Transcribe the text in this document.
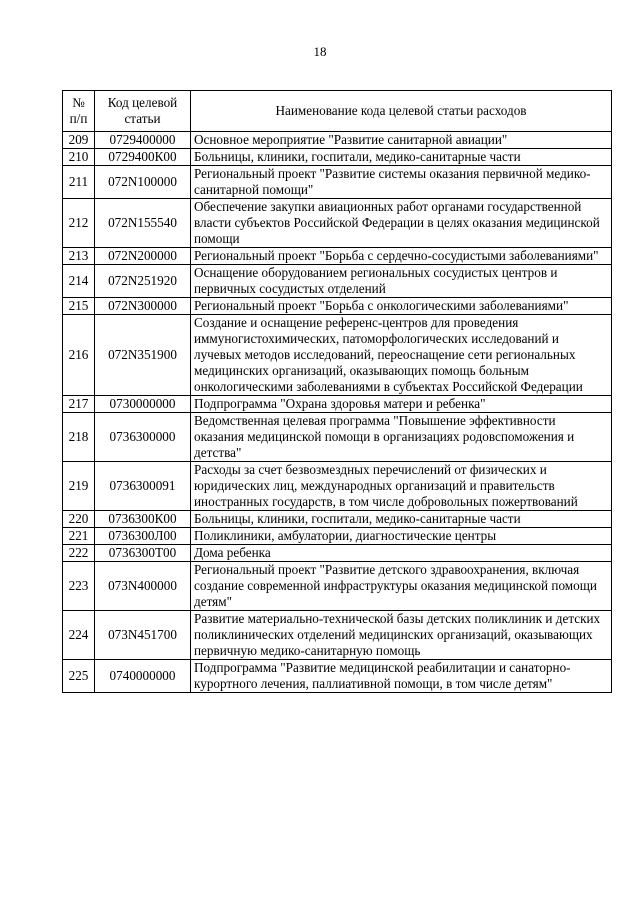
18
№ п/п	Код целевой статьи	Наименование кода целевой статьи расходов
209	0729400000	Основное мероприятие "Развитие санитарной авиации"
210	0729400К00	Больницы, клиники, госпитали, медико-санитарные части
211	072N100000	Региональный проект "Развитие системы оказания первичной медико-санитарной помощи"
212	072N155540	Обеспечение закупки авиационных работ органами государственной власти субъектов Российской Федерации в целях оказания медицинской помощи
213	072N200000	Региональный проект "Борьба с сердечно-сосудистыми заболеваниями"
214	072N251920	Оснащение оборудованием региональных сосудистых центров и первичных сосудистых отделений
215	072N300000	Региональный проект "Борьба с онкологическими заболеваниями"
216	072N351900	Создание и оснащение референс-центров для проведения иммуногистохимических, патоморфологических исследований и лучевых методов исследований, переоснащение сети региональных медицинских организаций, оказывающих помощь больным онкологическими заболеваниями в субъектах Российской Федерации
217	0730000000	Подпрограмма "Охрана здоровья матери и ребенка"
218	0736300000	Ведомственная целевая программа "Повышение эффективности оказания медицинской помощи в организациях родовспоможения и детства"
219	0736300091	Расходы за счет безвозмездных перечислений от физических и юридических лиц, международных организаций и правительств иностранных государств, в том числе добровольных пожертвований
220	0736300К00	Больницы, клиники, госпитали, медико-санитарные части
221	0736300Л00	Поликлиники, амбулатории, диагностические центры
222	0736300Т00	Дома ребенка
223	073N400000	Региональный проект "Развитие детского здравоохранения, включая создание современной инфраструктуры оказания медицинской помощи детям"
224	073N451700	Развитие материально-технической базы детских поликлиник и детских поликлинических отделений медицинских организаций, оказывающих первичную медико-санитарную помощь
225	0740000000	Подпрограмма "Развитие медицинской реабилитации и санаторно-курортного лечения, паллиативной помощи, в том числе детям"
